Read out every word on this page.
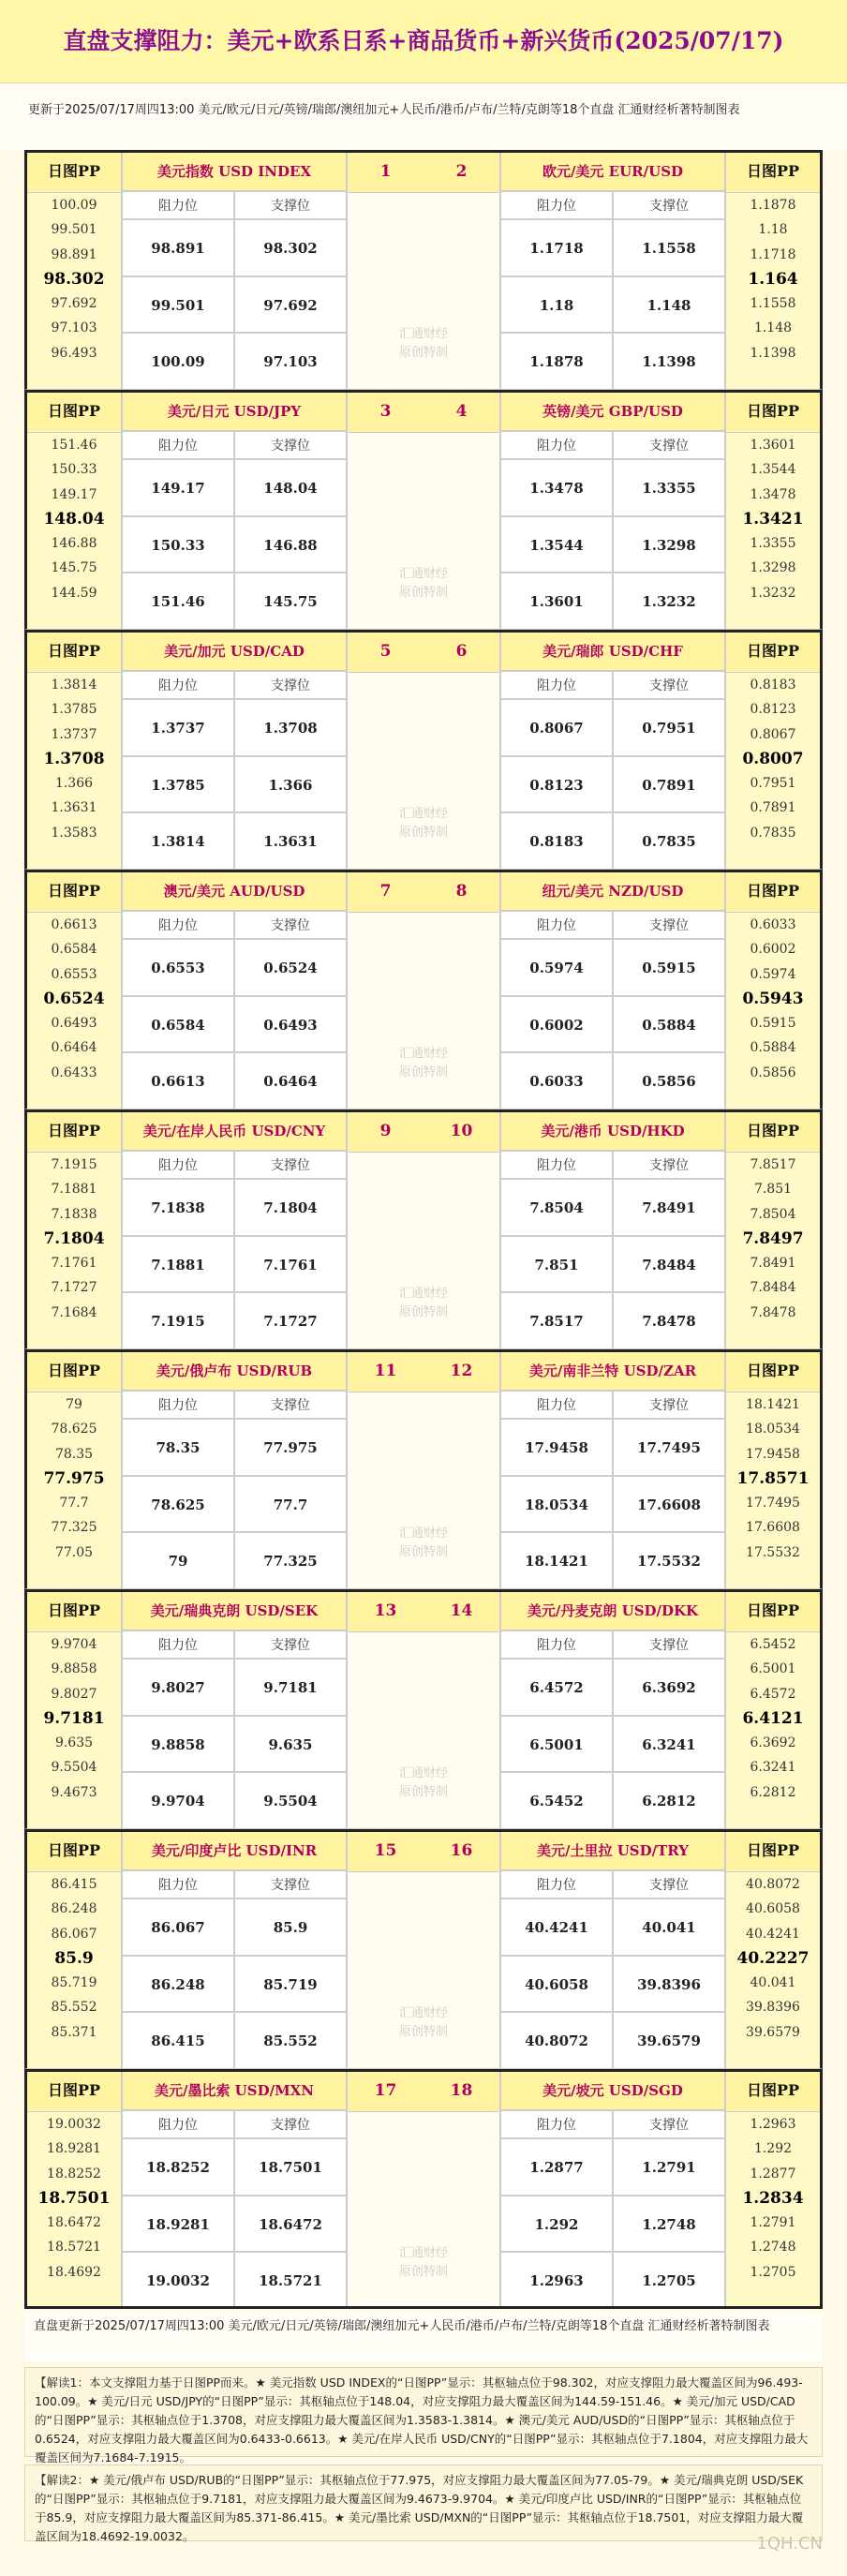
直盘支撑阻力：美元+欧系日系+商品货币+新兴货币(2025/07/17)
更新于2025/07/17周四13:00 美元/欧元/日元/英镑/瑞郎/澳纽加元+人民币/港币/卢布/兰特/克朗等18个直盘 汇通财经析著特制图表
日图PP
100.09
99.501
98.891
98.302
97.692
97.103
96.493
美元指数 USD INDEX
阻力位	支撑位
98.891	98.302
99.501	97.692
100.09	97.103
1	2
汇通财经
原创特制
欧元/美元 EUR/USD
阻力位	支撑位
1.1718	1.1558
1.18	1.148
1.1878	1.1398
日图PP
1.1878
1.18
1.1718
1.164
1.1558
1.148
1.1398
日图PP
151.46
150.33
149.17
148.04
146.88
145.75
144.59
美元/日元 USD/JPY
阻力位	支撑位
149.17	148.04
150.33	146.88
151.46	145.75
3	4
汇通财经
原创特制
英镑/美元 GBP/USD
阻力位	支撑位
1.3478	1.3355
1.3544	1.3298
1.3601	1.3232
日图PP
1.3601
1.3544
1.3478
1.3421
1.3355
1.3298
1.3232
日图PP
1.3814
1.3785
1.3737
1.3708
1.366
1.3631
1.3583
美元/加元 USD/CAD
阻力位	支撑位
1.3737	1.3708
1.3785	1.366
1.3814	1.3631
5	6
汇通财经
原创特制
美元/瑞郎 USD/CHF
阻力位	支撑位
0.8067	0.7951
0.8123	0.7891
0.8183	0.7835
日图PP
0.8183
0.8123
0.8067
0.8007
0.7951
0.7891
0.7835
日图PP
0.6613
0.6584
0.6553
0.6524
0.6493
0.6464
0.6433
澳元/美元 AUD/USD
阻力位	支撑位
0.6553	0.6524
0.6584	0.6493
0.6613	0.6464
7	8
汇通财经
原创特制
纽元/美元 NZD/USD
阻力位	支撑位
0.5974	0.5915
0.6002	0.5884
0.6033	0.5856
日图PP
0.6033
0.6002
0.5974
0.5943
0.5915
0.5884
0.5856
日图PP
7.1915
7.1881
7.1838
7.1804
7.1761
7.1727
7.1684
美元/在岸人民币 USD/CNY
阻力位	支撑位
7.1838	7.1804
7.1881	7.1761
7.1915	7.1727
9	10
汇通财经
原创特制
美元/港币 USD/HKD
阻力位	支撑位
7.8504	7.8491
7.851	7.8484
7.8517	7.8478
日图PP
7.8517
7.851
7.8504
7.8497
7.8491
7.8484
7.8478
日图PP
79
78.625
78.35
77.975
77.7
77.325
77.05
美元/俄卢布 USD/RUB
阻力位	支撑位
78.35	77.975
78.625	77.7
79	77.325
11	12
汇通财经
原创特制
美元/南非兰特 USD/ZAR
阻力位	支撑位
17.9458	17.7495
18.0534	17.6608
18.1421	17.5532
日图PP
18.1421
18.0534
17.9458
17.8571
17.7495
17.6608
17.5532
日图PP
9.9704
9.8858
9.8027
9.7181
9.635
9.5504
9.4673
美元/瑞典克朗 USD/SEK
阻力位	支撑位
9.8027	9.7181
9.8858	9.635
9.9704	9.5504
13	14
汇通财经
原创特制
美元/丹麦克朗 USD/DKK
阻力位	支撑位
6.4572	6.3692
6.5001	6.3241
6.5452	6.2812
日图PP
6.5452
6.5001
6.4572
6.4121
6.3692
6.3241
6.2812
日图PP
86.415
86.248
86.067
85.9
85.719
85.552
85.371
美元/印度卢比 USD/INR
阻力位	支撑位
86.067	85.9
86.248	85.719
86.415	85.552
15	16
汇通财经
原创特制
美元/土里拉 USD/TRY
阻力位	支撑位
40.4241	40.041
40.6058	39.8396
40.8072	39.6579
日图PP
40.8072
40.6058
40.4241
40.2227
40.041
39.8396
39.6579
日图PP
19.0032
18.9281
18.8252
18.7501
18.6472
18.5721
18.4692
美元/墨比索 USD/MXN
阻力位	支撑位
18.8252	18.7501
18.9281	18.6472
19.0032	18.5721
17	18
汇通财经
原创特制
美元/坡元 USD/SGD
阻力位	支撑位
1.2877	1.2791
1.292	1.2748
1.2963	1.2705
日图PP
1.2963
1.292
1.2877
1.2834
1.2791
1.2748
1.2705
直盘更新于2025/07/17周四13:00 美元/欧元/日元/英镑/瑞郎/澳纽加元+人民币/港币/卢布/兰特/克朗等18个直盘 汇通财经析著特制图表
【解读1：本文支撑阻力基于日图PP而来。★ 美元指数 USD INDEX的“日图PP”显示：其枢轴点位于98.302，对应支撑阻力最大覆盖区间为96.493-100.09。★ 美元/日元 USD/JPY的“日图PP”显示：其枢轴点位于148.04，对应支撑阻力最大覆盖区间为144.59-151.46。★ 美元/加元 USD/CAD的“日图PP”显示：其枢轴点位于1.3708，对应支撑阻力最大覆盖区间为1.3583-1.3814。★ 澳元/美元 AUD/USD的“日图PP”显示：其枢轴点位于0.6524，对应支撑阻力最大覆盖区间为0.6433-0.6613。★ 美元/在岸人民币 USD/CNY的“日图PP”显示：其枢轴点位于7.1804，对应支撑阻力最大覆盖区间为7.1684-7.1915。
【解读2：★ 美元/俄卢布 USD/RUB的“日图PP”显示：其枢轴点位于77.975，对应支撑阻力最大覆盖区间为77.05-79。★ 美元/瑞典克朗 USD/SEK的“日图PP”显示：其枢轴点位于9.7181，对应支撑阻力最大覆盖区间为9.4673-9.9704。★ 美元/印度卢比 USD/INR的“日图PP”显示：其枢轴点位于85.9，对应支撑阻力最大覆盖区间为85.371-86.415。★ 美元/墨比索 USD/MXN的“日图PP”显示：其枢轴点位于18.7501，对应支撑阻力最大覆盖区间为18.4692-19.0032。	1QH.CN
